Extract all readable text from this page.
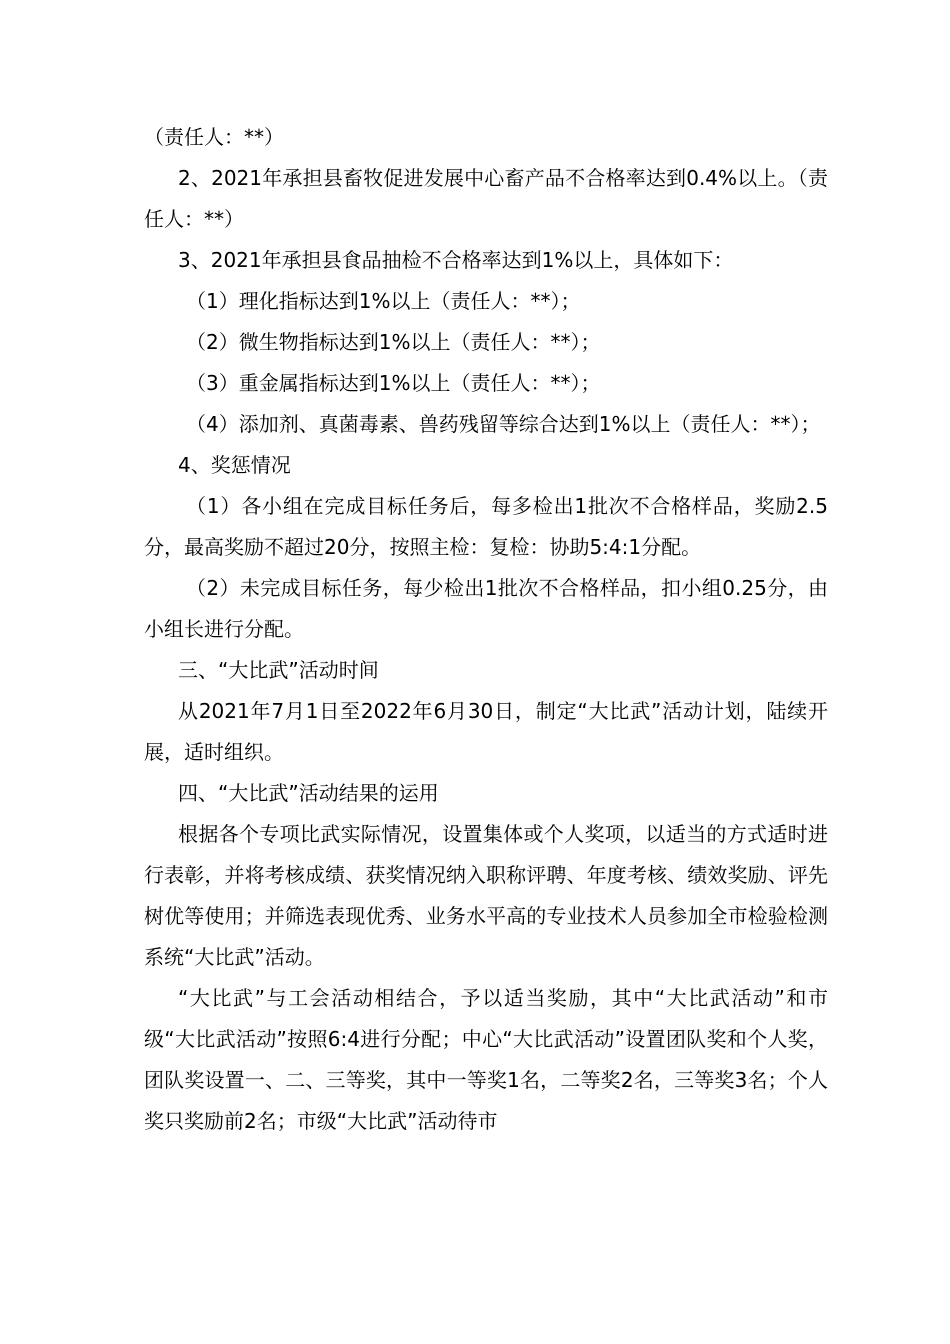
（责任人：**）

2、2021年承担县畜牧促进发展中心畜产品不合格率达到0.4%以上。（责任人：**）

3、2021年承担县食品抽检不合格率达到1%以上，具体如下：

（1）理化指标达到1%以上（责任人：**）；

（2）微生物指标达到1%以上（责任人：**）；

（3）重金属指标达到1%以上（责任人：**）；

（4）添加剂、真菌毒素、兽药残留等综合达到1%以上（责任人：**）；

4、奖惩情况

（1）各小组在完成目标任务后，每多检出1批次不合格样品，奖励2.5分，最高奖励不超过20分，按照主检：复检：协助5:4:1分配。

（2）未完成目标任务，每少检出1批次不合格样品，扣小组0.25分，由小组长进行分配。

三、“大比武”活动时间

从2021年7月1日至2022年6月30日，制定“大比武”活动计划，陆续开展，适时组织。

四、“大比武”活动结果的运用

根据各个专项比武实际情况，设置集体或个人奖项，以适当的方式适时进行表彰，并将考核成绩、获奖情况纳入职称评聘、年度考核、绩效奖励、评先树优等使用；并筛选表现优秀、业务水平高的专业技术人员参加全市检验检测系统“大比武”活动。

“大比武”与工会活动相结合，予以适当奖励，其中“大比武活动”和市级“大比武活动”按照6:4进行分配；中心“大比武活动”设置团队奖和个人奖，团队奖设置一、二、三等奖，其中一等奖1名，二等奖2名，三等奖3名；个人奖只奖励前2名；市级“大比武”活动待市
